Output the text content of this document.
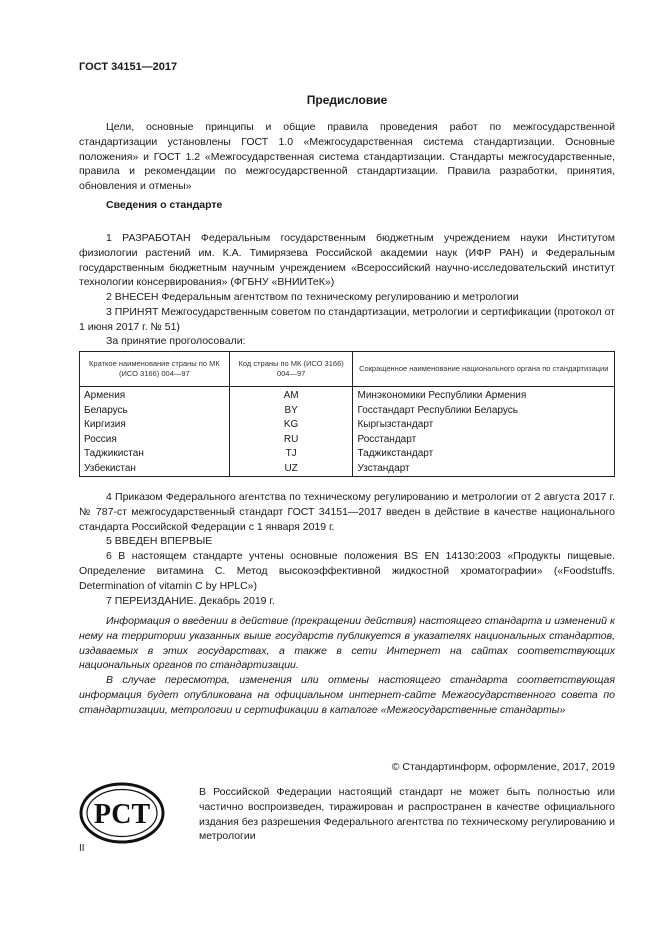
ГОСТ 34151—2017
Предисловие

Цели, основные принципы и общие правила проведения работ по межгосударственной стандартизации установлены ГОСТ 1.0 «Межгосударственная система стандартизации. Основные положения» и ГОСТ 1.2 «Межгосударственная система стандартизации. Стандарты межгосударственные, правила и рекомендации по межгосударственной стандартизации. Правила разработки, принятия, обновления и отмены»

Сведения о стандарте

1 РАЗРАБОТАН Федеральным государственным бюджетным учреждением науки Институтом физиологии растений им. К.А. Тимирязева Российской академии наук (ИФР РАН) и Федеральным государственным бюджетным научным учреждением «Всероссийский научно-исследовательский институт технологии консервирования» (ФГБНУ «ВНИИТеК»)

2 ВНЕСЕН Федеральным агентством по техническому регулированию и метрологии

3 ПРИНЯТ Межгосударственным советом по стандартизации, метрологии и сертификации (протокол от 1 июня 2017 г. № 51)

За принятие проголосовали:

Краткое наименование страны по МК (ИСО 3166) 004—97	Код страны по МК (ИСО 3166) 004—97	Сокращенное наименование национального органа по стандартизации
Армения	AM	Минэкономики Республики Армения
Беларусь	BY	Госстандарт Республики Беларусь
Киргизия	KG	Кыргызстандарт
Россия	RU	Росстандарт
Таджикистан	TJ	Таджикстандарт
Узбекистан	UZ	Узстандарт

4 Приказом Федерального агентства по техническому регулированию и метрологии от 2 августа 2017 г. № 787-ст межгосударственный стандарт ГОСТ 34151—2017 введен в действие в качестве национального стандарта Российской Федерации с 1 января 2019 г.

5 ВВЕДЕН ВПЕРВЫЕ

6 В настоящем стандарте учтены основные положения BS EN 14130:2003 «Продукты пищевые. Определение витамина C. Метод высокоэффективной жидкостной хроматографии» («Foodstuffs. Determination of vitamin C by HPLC»)

7 ПЕРЕИЗДАНИЕ. Декабрь 2019 г.

Информация о введении в действие (прекращении действия) настоящего стандарта и изменений к нему на территории указанных выше государств публикуется в указателях национальных стандартов, издаваемых в этих государствах, а также в сети Интернет на сайтах соответствующих национальных органов по стандартизации.

В случае пересмотра, изменения или отмены настоящего стандарта соответствующая информация будет опубликована на официальном интернет-сайте Межгосударственного совета по стандартизации, метрологии и сертификации в каталоге «Межгосударственные стандарты»

© Стандартинформ, оформление, 2017, 2019
РСТ

В Российской Федерации настоящий стандарт не может быть полностью или частично воспроизведен, тиражирован и распространен в качестве официального издания без разрешения Федерального агентства по техническому регулированию и метрологии

II
